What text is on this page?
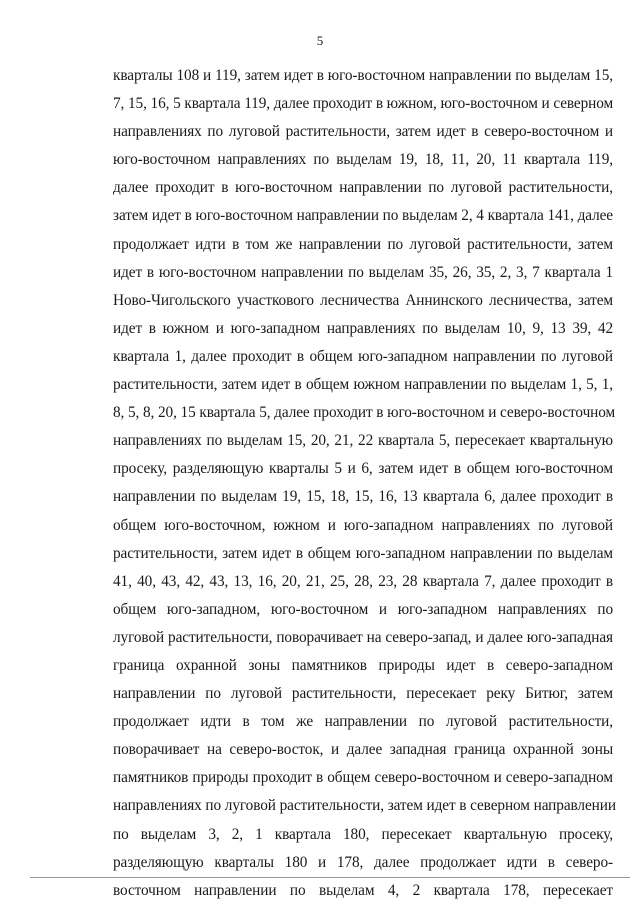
5
кварталы 108 и 119, затем идет в юго-восточном направлении по выделам 15,
7, 15, 16, 5 квартала 119, далее проходит в южном, юго-восточном и северном
направлениях по луговой растительности, затем идет в северо-восточном и
юго-восточном направлениях по выделам 19, 18, 11, 20, 11 квартала 119,
далее проходит в юго-восточном направлении по луговой растительности,
затем идет в юго-восточном направлении по выделам 2, 4 квартала 141, далее
продолжает идти в том же направлении по луговой растительности, затем
идет в юго-восточном направлении по выделам 35, 26, 35, 2, 3, 7 квартала 1
Ново-Чигольского участкового лесничества Аннинского лесничества, затем
идет в южном и юго-западном направлениях по выделам 10, 9, 13 39, 42
квартала 1, далее проходит в общем юго-западном направлении по луговой
растительности, затем идет в общем южном направлении по выделам 1, 5, 1,
8, 5, 8, 20, 15 квартала 5, далее проходит в юго-восточном и северо-восточном
направлениях по выделам 15, 20, 21, 22 квартала 5, пересекает квартальную
просеку, разделяющую кварталы 5 и 6, затем идет в общем юго-восточном
направлении по выделам 19, 15, 18, 15, 16, 13 квартала 6, далее проходит в
общем юго-восточном, южном и юго-западном направлениях по луговой
растительности, затем идет в общем юго-западном направлении по выделам
41, 40, 43, 42, 43, 13, 16, 20, 21, 25, 28, 23, 28 квартала 7, далее проходит в
общем юго-западном, юго-восточном и юго-западном направлениях по
луговой растительности, поворачивает на северо-запад, и далее юго-западная
граница охранной зоны памятников природы идет в северо-западном
направлении по луговой растительности, пересекает реку Битюг, затем
продолжает идти в том же направлении по луговой растительности,
поворачивает на северо-восток, и далее западная граница охранной зоны
памятников природы проходит в общем северо-восточном и северо-западном
направлениях по луговой растительности, затем идет в северном направлении
по выделам 3, 2, 1 квартала 180, пересекает квартальную просеку,
разделяющую кварталы 180 и 178, далее продолжает идти в северо-
восточном направлении по выделам 4, 2 квартала 178, пересекает
